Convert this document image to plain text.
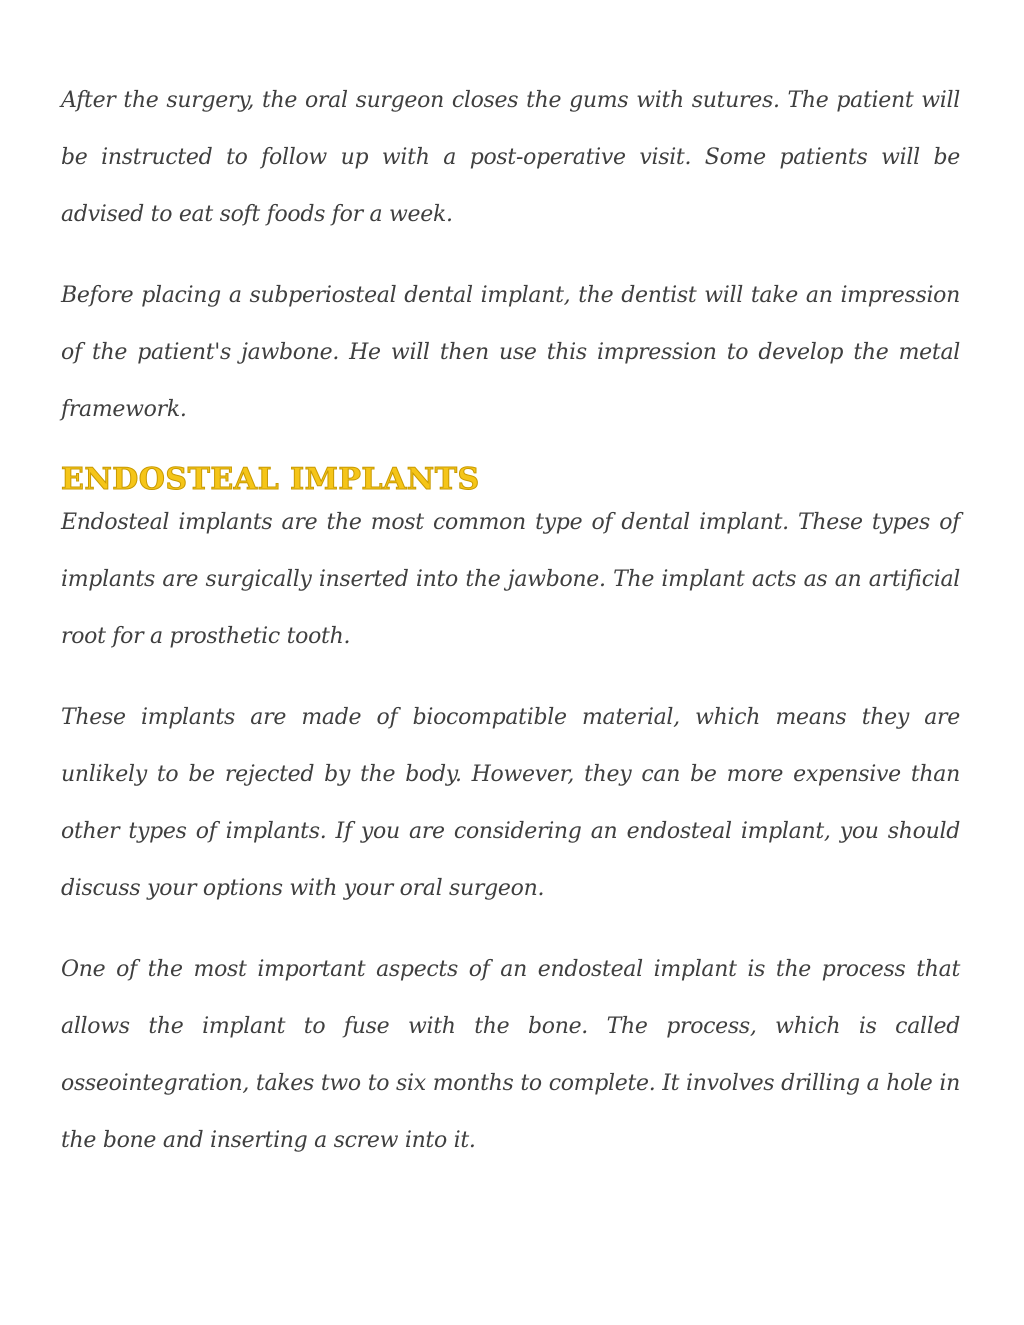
After the surgery, the oral surgeon closes the gums with sutures. The patient will be instructed to follow up with a post-operative visit. Some patients will be advised to eat soft foods for a week.

Before placing a subperiosteal dental implant, the dentist will take an impression of the patient's jawbone. He will then use this impression to develop the metal framework.

ENDOSTEAL IMPLANTS

Endosteal implants are the most common type of dental implant. These types of implants are surgically inserted into the jawbone. The implant acts as an artificial root for a prosthetic tooth.

These implants are made of biocompatible material, which means they are unlikely to be rejected by the body. However, they can be more expensive than other types of implants. If you are considering an endosteal implant, you should discuss your options with your oral surgeon.

One of the most important aspects of an endosteal implant is the process that allows the implant to fuse with the bone. The process, which is called osseointegration, takes two to six months to complete. It involves drilling a hole in the bone and inserting a screw into it.
